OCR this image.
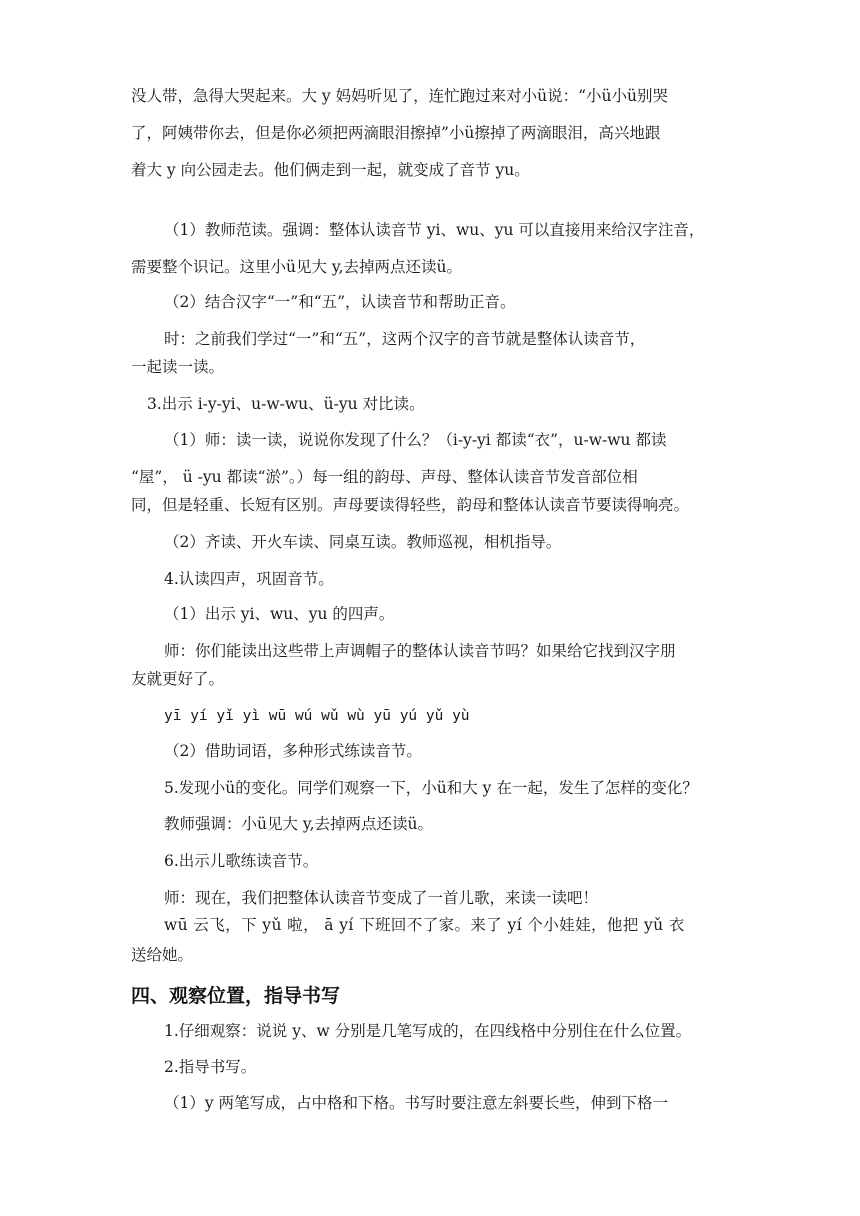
没人带，急得大哭起来。大 y 妈妈听见了，连忙跑过来对小ü说：“小ü小ü别哭
了，阿姨带你去，但是你必须把两滴眼泪擦掉”小ü擦掉了两滴眼泪，高兴地跟
着大 y 向公园走去。他们俩走到一起，就变成了音节 yu。
（1）教师范读。强调：整体认读音节 yi、wu、yu 可以直接用来给汉字注音，
需要整个识记。这里小ü见大 y,去掉两点还读ü。
（2）结合汉字“一”和“五”，认读音节和帮助正音。
时：之前我们学过“一”和“五”，这两个汉字的音节就是整体认读音节，
一起读一读。
3.出示 i-y-yi、u-w-wu、ü-yu 对比读。
（1）师：读一读，说说你发现了什么？（i-y-yi 都读“衣”，u-w-wu 都读
“屋”， ü -yu 都读“淤”。）每一组的韵母、声母、整体认读音节发音部位相
同，但是轻重、长短有区别。声母要读得轻些，韵母和整体认读音节要读得响亮。
（2）齐读、开火车读、同桌互读。教师巡视，相机指导。
4.认读四声，巩固音节。
（1）出示 yi、wu、yu 的四声。
师：你们能读出这些带上声调帽子的整体认读音节吗？如果给它找到汉字朋
友就更好了。
yī yí yǐ yì wū wú wǔ wù yū yú yǔ yù
（2）借助词语，多种形式练读音节。
5.发现小ü的变化。同学们观察一下，小ü和大 y 在一起，发生了怎样的变化？
教师强调：小ü见大 y,去掉两点还读ü。
6.出示儿歌练读音节。
师：现在，我们把整体认读音节变成了一首儿歌，来读一读吧！
wū 云飞，下 yǔ 啦， ā yí 下班回不了家。来了 yí 个小娃娃，他把 yǔ 衣
送给她。
四、观察位置，指导书写
1.仔细观察：说说 y、w 分别是几笔写成的，在四线格中分别住在什么位置。
2.指导书写。
（1）y 两笔写成，占中格和下格。书写时要注意左斜要长些，伸到下格一
